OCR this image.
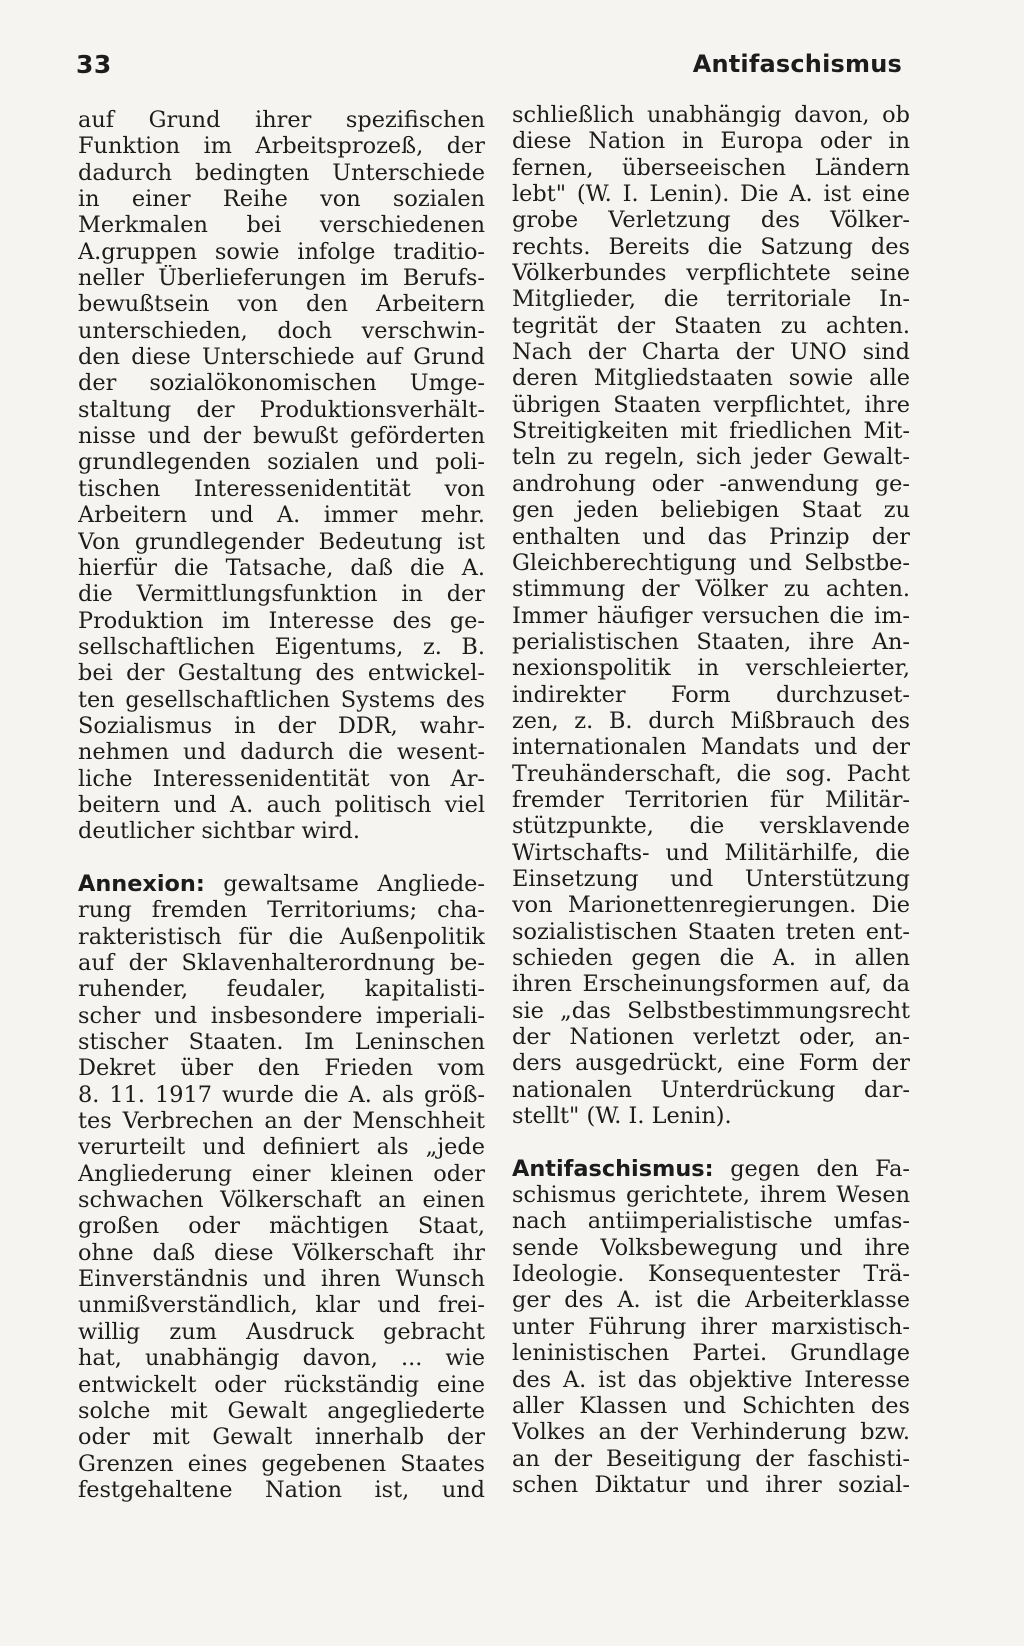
33	Antifaschismus
auf Grund ihrer spezifischen
Funktion im Arbeitsprozeß, der
dadurch bedingten Unterschiede
in einer Reihe von sozialen
Merkmalen bei verschiedenen
A.gruppen sowie infolge traditio-
neller Überlieferungen im Berufs-
bewußtsein von den Arbeitern
unterschieden, doch verschwin-
den diese Unterschiede auf Grund
der sozialökonomischen Umge-
staltung der Produktionsverhält-
nisse und der bewußt geförderten
grundlegenden sozialen und poli-
tischen Interessenidentität von
Arbeitern und A. immer mehr.
Von grundlegender Bedeutung ist
hierfür die Tatsache, daß die A.
die Vermittlungsfunktion in der
Produktion im Interesse des ge-
sellschaftlichen Eigentums, z. B.
bei der Gestaltung des entwickel-
ten gesellschaftlichen Systems des
Sozialismus in der DDR, wahr-
nehmen und dadurch die wesent-
liche Interessenidentität von Ar-
beitern und A. auch politisch viel
deutlicher sichtbar wird.
Annexion: gewaltsame Angliede-
rung fremden Territoriums; cha-
rakteristisch für die Außenpolitik
auf der Sklavenhalterordnung be-
ruhender, feudaler, kapitalisti-
scher und insbesondere imperiali-
stischer Staaten. Im Leninschen
Dekret über den Frieden vom
8. 11. 1917 wurde die A. als größ-
tes Verbrechen an der Menschheit
verurteilt und definiert als „jede
Angliederung einer kleinen oder
schwachen Völkerschaft an einen
großen oder mächtigen Staat,
ohne daß diese Völkerschaft ihr
Einverständnis und ihren Wunsch
unmißverständlich, klar und frei-
willig zum Ausdruck gebracht
hat, unabhängig davon, ... wie
entwickelt oder rückständig eine
solche mit Gewalt angegliederte
oder mit Gewalt innerhalb der
Grenzen eines gegebenen Staates
festgehaltene Nation ist, und
schließlich unabhängig davon, ob
diese Nation in Europa oder in
fernen, überseeischen Ländern
lebt" (W. I. Lenin). Die A. ist eine
grobe Verletzung des Völker-
rechts. Bereits die Satzung des
Völkerbundes verpflichtete seine
Mitglieder, die territoriale In-
tegrität der Staaten zu achten.
Nach der Charta der UNO sind
deren Mitgliedstaaten sowie alle
übrigen Staaten verpflichtet, ihre
Streitigkeiten mit friedlichen Mit-
teln zu regeln, sich jeder Gewalt-
androhung oder -anwendung ge-
gen jeden beliebigen Staat zu
enthalten und das Prinzip der
Gleichberechtigung und Selbstbe-
stimmung der Völker zu achten.
Immer häufiger versuchen die im-
perialistischen Staaten, ihre An-
nexionspolitik in verschleierter,
indirekter Form durchzuset-
zen, z. B. durch Mißbrauch des
internationalen Mandats und der
Treuhänderschaft, die sog. Pacht
fremder Territorien für Militär-
stützpunkte, die versklavende
Wirtschafts- und Militärhilfe, die
Einsetzung und Unterstützung
von Marionettenregierungen. Die
sozialistischen Staaten treten ent-
schieden gegen die A. in allen
ihren Erscheinungsformen auf, da
sie „das Selbstbestimmungsrecht
der Nationen verletzt oder, an-
ders ausgedrückt, eine Form der
nationalen Unterdrückung dar-
stellt" (W. I. Lenin).
Antifaschismus: gegen den Fa-
schismus gerichtete, ihrem Wesen
nach antiimperialistische umfas-
sende Volksbewegung und ihre
Ideologie. Konsequentester Trä-
ger des A. ist die Arbeiterklasse
unter Führung ihrer marxistisch-
leninistischen Partei. Grundlage
des A. ist das objektive Interesse
aller Klassen und Schichten des
Volkes an der Verhinderung bzw.
an der Beseitigung der faschisti-
schen Diktatur und ihrer sozial-
